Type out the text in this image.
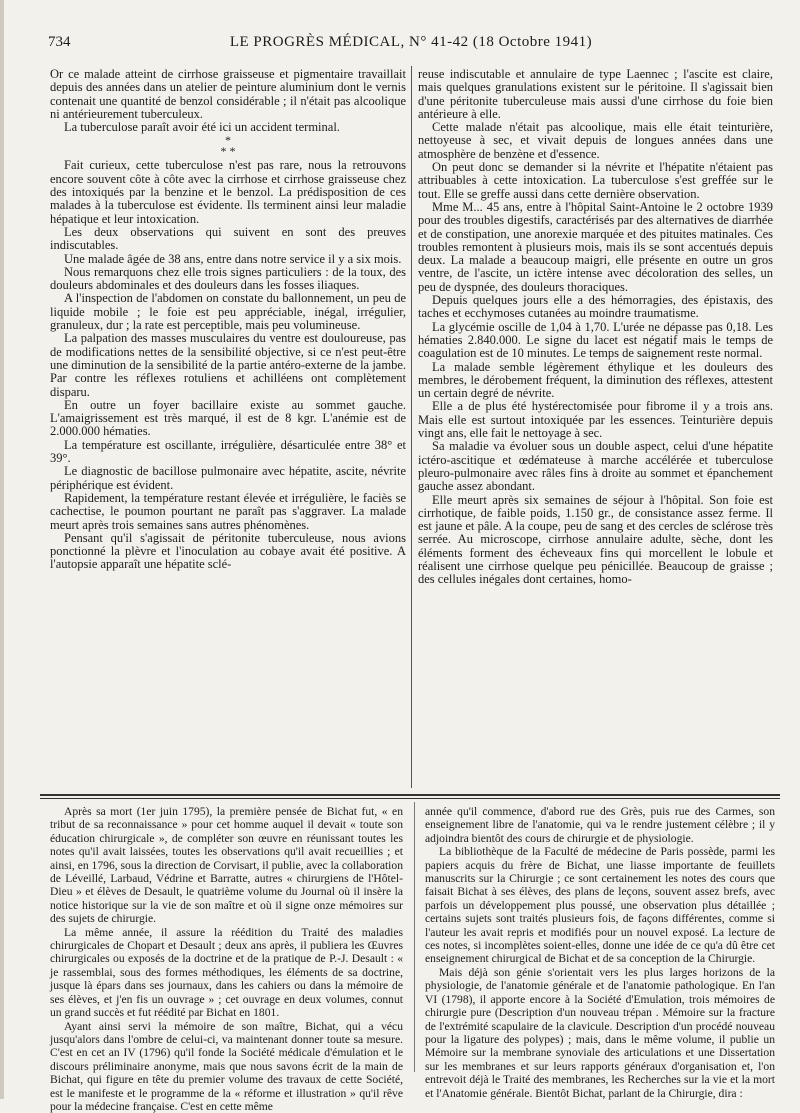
734	LE PROGRÈS MÉDICAL, N° 41-42 (18 Octobre 1941)

Or ce malade atteint de cirrhose graisseuse et pigmentaire travaillait depuis des années dans un atelier de peinture aluminium dont le vernis contenait une quantité de benzol considérable ; il n'était pas alcoolique ni antérieurement tuberculeux.

La tuberculose paraît avoir été ici un accident terminal.

*
* *

Fait curieux, cette tuberculose n'est pas rare, nous la retrouvons encore souvent côte à côte avec la cirrhose et cirrhose graisseuse chez des intoxiqués par la benzine et le benzol. La prédisposition de ces malades à la tuberculose est évidente. Ils terminent ainsi leur maladie hépatique et leur intoxication.

Les deux observations qui suivent en sont des preuves indiscutables.

Une malade âgée de 38 ans, entre dans notre service il y a six mois.

Nous remarquons chez elle trois signes particuliers : de la toux, des douleurs abdominales et des douleurs dans les fosses iliaques.

A l'inspection de l'abdomen on constate du ballonnement, un peu de liquide mobile ; le foie est peu appréciable, inégal, irrégulier, granuleux, dur ; la rate est perceptible, mais peu volumineuse.

La palpation des masses musculaires du ventre est douloureuse, pas de modifications nettes de la sensibilité objective, si ce n'est peut-être une diminution de la sensibilité de la partie antéro-externe de la jambe. Par contre les réflexes rotuliens et achilléens ont complètement disparu.

En outre un foyer bacillaire existe au sommet gauche. L'amaigrissement est très marqué, il est de 8 kgr. L'anémie est de 2.000.000 hématies.

La température est oscillante, irrégulière, désarticulée entre 38° et 39°.

Le diagnostic de bacillose pulmonaire avec hépatite, ascite, névrite périphérique est évident.

Rapidement, la température restant élevée et irrégulière, le faciès se cachectise, le poumon pourtant ne paraît pas s'aggraver. La malade meurt après trois semaines sans autres phénomènes.

Pensant qu'il s'agissait de péritonite tuberculeuse, nous avions ponctionné la plèvre et l'inoculation au cobaye avait été positive. A l'autopsie apparaît une hépatite sclé-

reuse indiscutable et annulaire de type Laennec ; l'ascite est claire, mais quelques granulations existent sur le péritoine. Il s'agissait bien d'une péritonite tuberculeuse mais aussi d'une cirrhose du foie bien antérieure à elle.

Cette malade n'était pas alcoolique, mais elle était teinturière, nettoyeuse à sec, et vivait depuis de longues années dans une atmosphère de benzène et d'essence.

On peut donc se demander si la névrite et l'hépatite n'étaient pas attribuables à cette intoxication. La tuberculose s'est greffée sur le tout. Elle se greffe aussi dans cette dernière observation.

Mme M... 45 ans, entre à l'hôpital Saint-Antoine le 2 octobre 1939 pour des troubles digestifs, caractérisés par des alternatives de diarrhée et de constipation, une anorexie marquée et des pituites matinales. Ces troubles remontent à plusieurs mois, mais ils se sont accentués depuis deux. La malade a beaucoup maigri, elle présente en outre un gros ventre, de l'ascite, un ictère intense avec décoloration des selles, un peu de dyspnée, des douleurs thoraciques.

Depuis quelques jours elle a des hémorragies, des épistaxis, des taches et ecchymoses cutanées au moindre traumatisme.

La glycémie oscille de 1,04 à 1,70. L'urée ne dépasse pas 0,18. Les hématies 2.840.000. Le signe du lacet est négatif mais le temps de coagulation est de 10 minutes. Le temps de saignement reste normal.

La malade semble légèrement éthylique et les douleurs des membres, le dérobement fréquent, la diminution des réflexes, attestent un certain degré de névrite.

Elle a de plus été hystérectomisée pour fibrome il y a trois ans. Mais elle est surtout intoxiquée par les essences. Teinturière depuis vingt ans, elle fait le nettoyage à sec.

Sa maladie va évoluer sous un double aspect, celui d'une hépatite ictéro-ascitique et œdémateuse à marche accélérée et tuberculose pleuro-pulmonaire avec râles fins à droite au sommet et épanchement gauche assez abondant.

Elle meurt après six semaines de séjour à l'hôpital. Son foie est cirrhotique, de faible poids, 1.150 gr., de consistance assez ferme. Il est jaune et pâle. A la coupe, peu de sang et des cercles de sclérose très serrée. Au microscope, cirrhose annulaire adulte, sèche, dont les éléments forment des écheveaux fins qui morcellent le lobule et réalisent une cirrhose quelque peu pénicillée. Beaucoup de graisse ; des cellules inégales dont certaines, homo-

Après sa mort (1er juin 1795), la première pensée de Bichat fut, « en tribut de sa reconnaissance » pour cet homme auquel il devait « toute son éducation chirurgicale », de compléter son œuvre en réunissant toutes les notes qu'il avait laissées, toutes les observations qu'il avait recueillies ; et ainsi, en 1796, sous la direction de Corvisart, il publie, avec la collaboration de Léveillé, Larbaud, Védrine et Barratte, autres « chirurgiens de l'Hôtel-Dieu » et élèves de Desault, le quatrième volume du Journal où il insère la notice historique sur la vie de son maître et où il signe onze mémoires sur des sujets de chirurgie.

La même année, il assure la réédition du Traité des maladies chirurgicales de Chopart et Desault ; deux ans après, il publiera les Œuvres chirurgicales ou exposés de la doctrine et de la pratique de P.-J. Desault : « je rassemblai, sous des formes méthodiques, les éléments de sa doctrine, jusque là épars dans ses journaux, dans les cahiers ou dans la mémoire de ses élèves, et j'en fis un ouvrage » ; cet ouvrage en deux volumes, connut un grand succès et fut réédité par Bichat en 1801.

Ayant ainsi servi la mémoire de son maître, Bichat, qui a vécu jusqu'alors dans l'ombre de celui-ci, va maintenant donner toute sa mesure. C'est en cet an IV (1796) qu'il fonde la Société médicale d'émulation et le discours préliminaire anonyme, mais que nous savons écrit de la main de Bichat, qui figure en tête du premier volume des travaux de cette Société, est le manifeste et le programme de la « réforme et illustration » qu'il rêve pour la médecine française. C'est en cette même

année qu'il commence, d'abord rue des Grès, puis rue des Carmes, son enseignement libre de l'anatomie, qui va le rendre justement célèbre ; il y adjoindra bientôt des cours de chirurgie et de physiologie.

La bibliothèque de la Faculté de médecine de Paris possède, parmi les papiers acquis du frère de Bichat, une liasse importante de feuillets manuscrits sur la Chirurgie ; ce sont certainement les notes des cours que faisait Bichat à ses élèves, des plans de leçons, souvent assez brefs, avec parfois un développement plus poussé, une observation plus détaillée ; certains sujets sont traités plusieurs fois, de façons différentes, comme si l'auteur les avait repris et modifiés pour un nouvel exposé. La lecture de ces notes, si incomplètes soient-elles, donne une idée de ce qu'a dû être cet enseignement chirurgical de Bichat et de sa conception de la Chirurgie.

Mais déjà son génie s'orientait vers les plus larges horizons de la physiologie, de l'anatomie générale et de l'anatomie pathologique. En l'an VI (1798), il apporte encore à la Société d'Emulation, trois mémoires de chirurgie pure (Description d'un nouveau trépan . Mémoire sur la fracture de l'extrémité scapulaire de la clavicule. Description d'un procédé nouveau pour la ligature des polypes) ; mais, dans le même volume, il publie un Mémoire sur la membrane synoviale des articulations et une Dissertation sur les membranes et sur leurs rapports généraux d'organisation et, l'on entrevoit déjà le Traité des membranes, les Recherches sur la vie et la mort et l'Anatomie générale. Bientôt Bichat, parlant de la Chirurgie, dira :
